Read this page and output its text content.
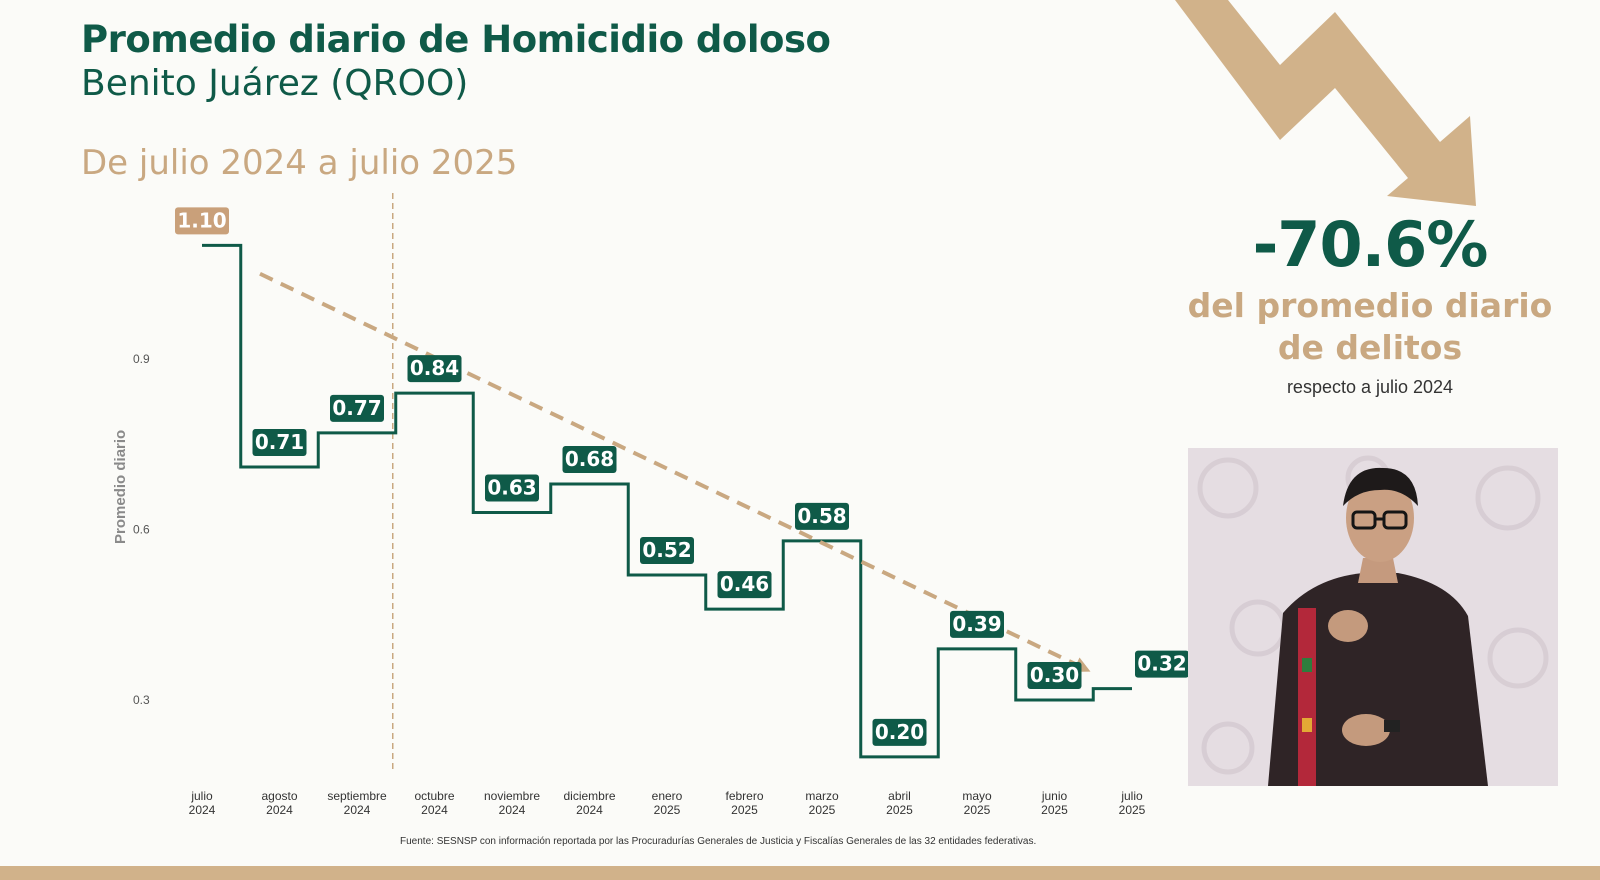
Promedio diario de Homicidio doloso
Benito Juárez (QROO)
De julio 2024 a julio 2025
0.3
0.6
0.9
Promedio diario
1.10
0.71
0.77
0.84
0.63
0.68
0.52
0.46
0.58
0.20
0.39
0.30	0.32
julio
2024
agosto
2024
septiembre
2024
octubre
2024
noviembre
2024
diciembre
2024
enero
2025
febrero
2025
marzo
2025
abril
2025
mayo
2025
junio
2025
julio
2025
-70.6%
del promedio diario de delitos
respecto a julio 2024
Fuente: SESNSP con información reportada por las Procuradurías Generales de Justicia y Fiscalías Generales de las 32 entidades federativas.
